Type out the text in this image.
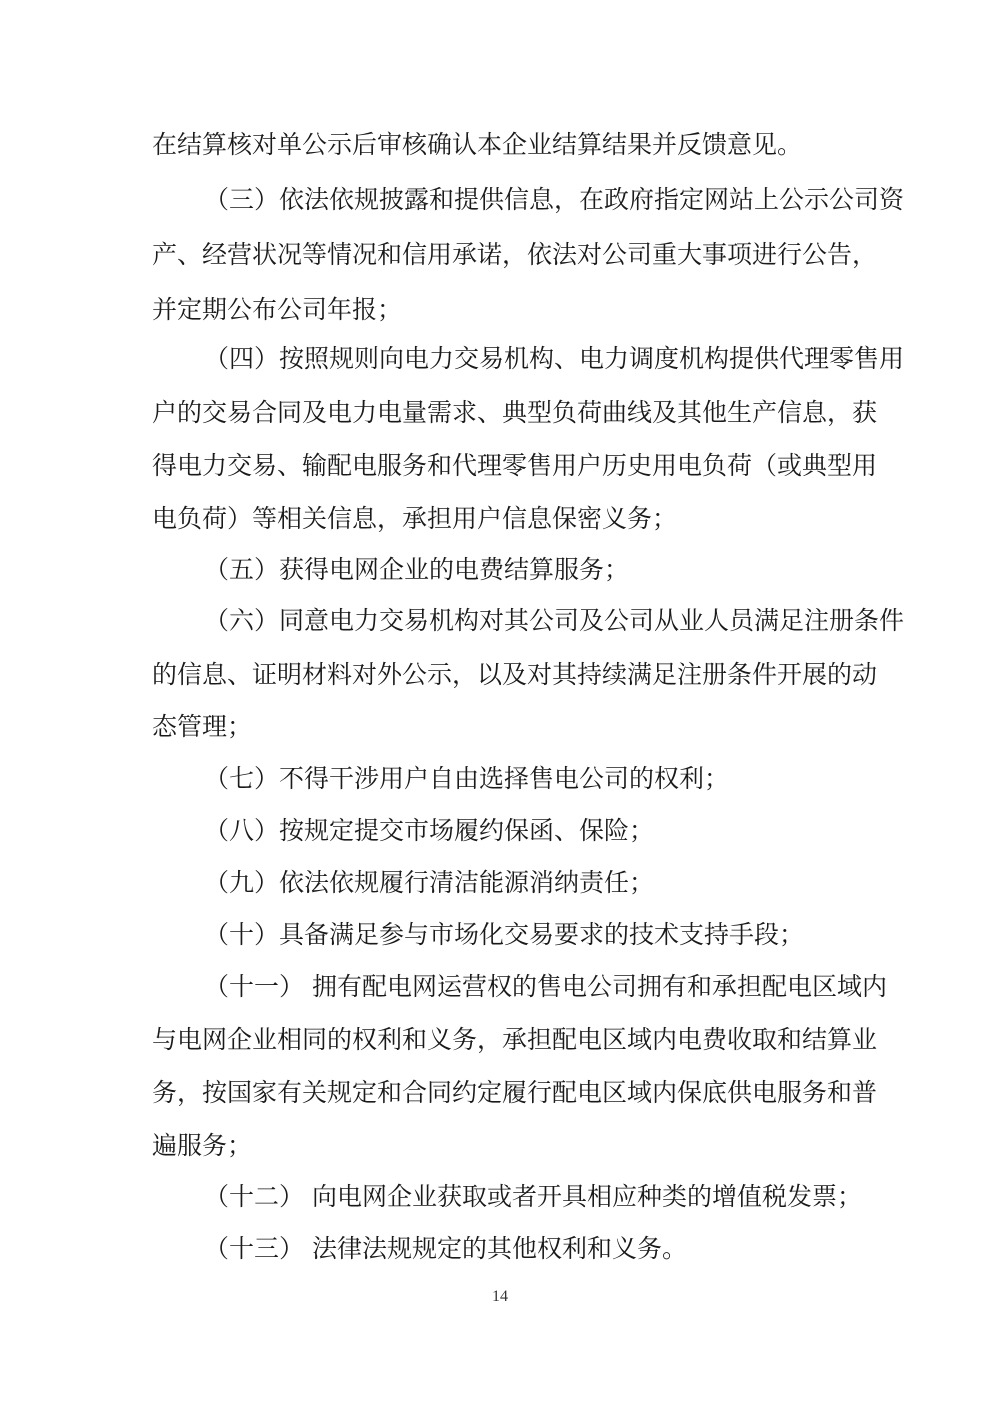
在结算核对单公示后审核确认本企业结算结果并反馈意见。
（三）依法依规披露和提供信息，在政府指定网站上公示公司资
产、经营状况等情况和信用承诺，依法对公司重大事项进行公告，
并定期公布公司年报；
（四）按照规则向电力交易机构、电力调度机构提供代理零售用
户的交易合同及电力电量需求、典型负荷曲线及其他生产信息，获
得电力交易、输配电服务和代理零售用户历史用电负荷（或典型用
电负荷）等相关信息，承担用户信息保密义务；
（五）获得电网企业的电费结算服务；
（六）同意电力交易机构对其公司及公司从业人员满足注册条件
的信息、证明材料对外公示，以及对其持续满足注册条件开展的动
态管理；
（七）不得干涉用户自由选择售电公司的权利；
（八）按规定提交市场履约保函、保险；
（九）依法依规履行清洁能源消纳责任；
（十）具备满足参与市场化交易要求的技术支持手段；
（十一） 拥有配电网运营权的售电公司拥有和承担配电区域内
与电网企业相同的权利和义务，承担配电区域内电费收取和结算业
务，按国家有关规定和合同约定履行配电区域内保底供电服务和普
遍服务；
（十二） 向电网企业获取或者开具相应种类的增值税发票；
（十三） 法律法规规定的其他权利和义务。
14
